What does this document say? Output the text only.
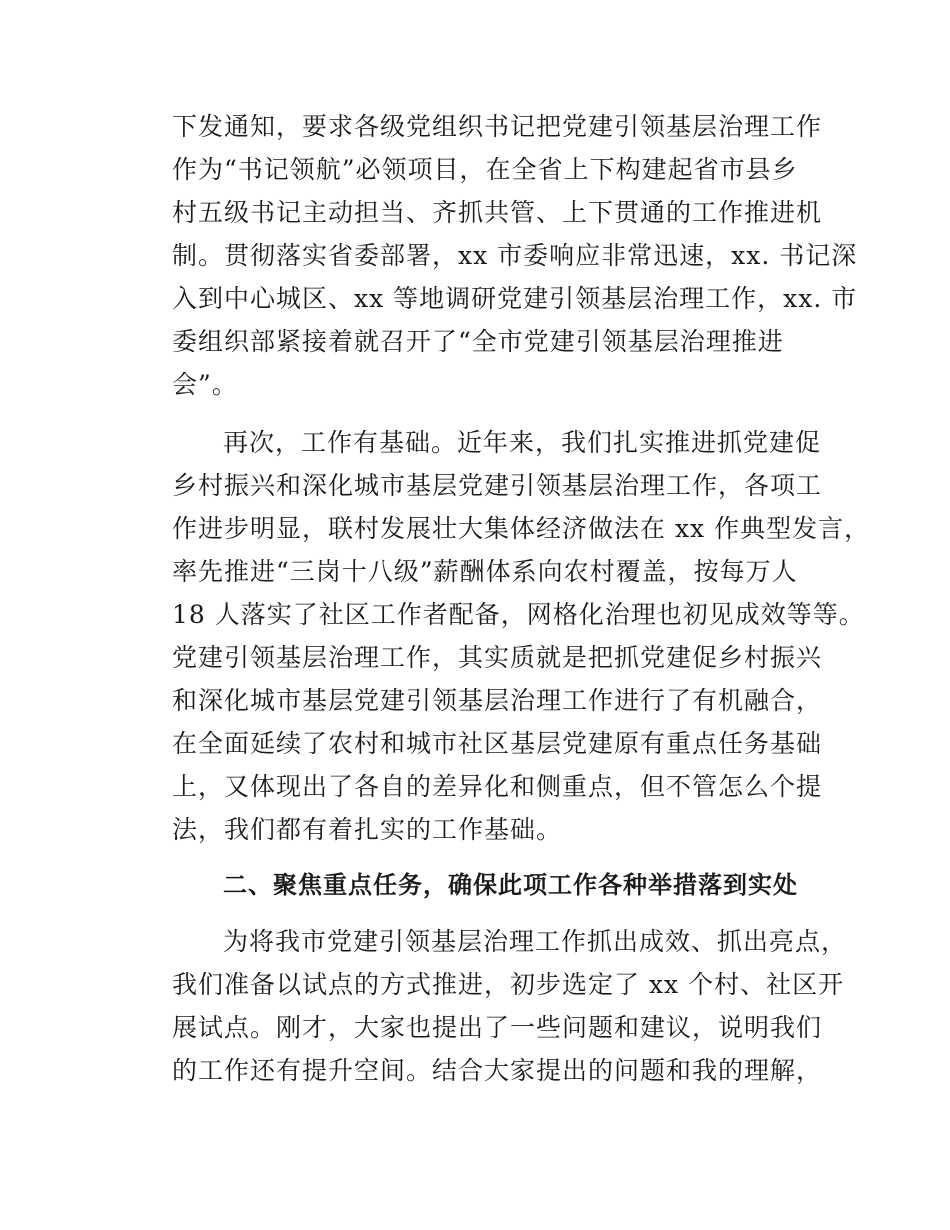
下发通知，要求各级党组织书记把党建引领基层治理工作
作为“书记领航”必领项目，在全省上下构建起省市县乡
村五级书记主动担当、齐抓共管、上下贯通的工作推进机
制。贯彻落实省委部署，xx 市委响应非常迅速，xx. 书记深
入到中心城区、xx 等地调研党建引领基层治理工作，xx. 市
委组织部紧接着就召开了“全市党建引领基层治理推进
会”。
再次，工作有基础。近年来，我们扎实推进抓党建促
乡村振兴和深化城市基层党建引领基层治理工作，各项工
作进步明显，联村发展壮大集体经济做法在 xx 作典型发言，
率先推进“三岗十八级”薪酬体系向农村覆盖，按每万人
18 人落实了社区工作者配备，网格化治理也初见成效等等。
党建引领基层治理工作，其实质就是把抓党建促乡村振兴
和深化城市基层党建引领基层治理工作进行了有机融合，
在全面延续了农村和城市社区基层党建原有重点任务基础
上，又体现出了各自的差异化和侧重点，但不管怎么个提
法，我们都有着扎实的工作基础。
二、聚焦重点任务，确保此项工作各种举措落到实处
为将我市党建引领基层治理工作抓出成效、抓出亮点，
我们准备以试点的方式推进，初步选定了 xx 个村、社区开
展试点。刚才，大家也提出了一些问题和建议，说明我们
的工作还有提升空间。结合大家提出的问题和我的理解，
